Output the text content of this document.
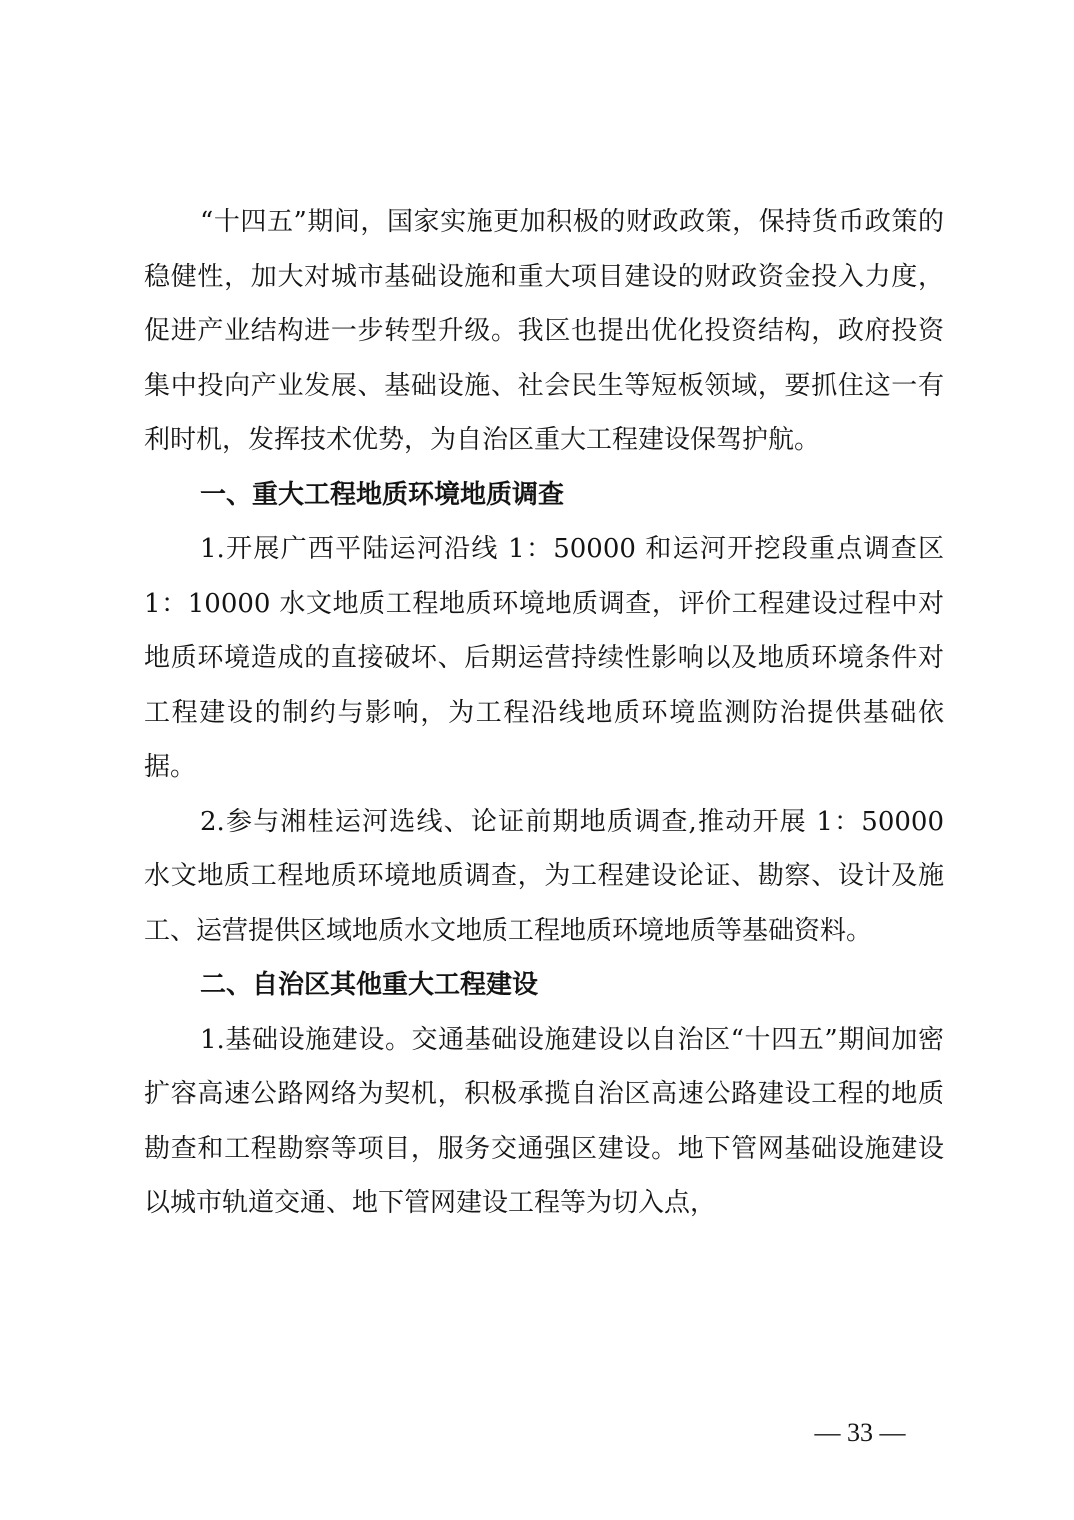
“十四五”期间，国家实施更加积极的财政政策，保持货币政策的稳健性，加大对城市基础设施和重大项目建设的财政资金投入力度，促进产业结构进一步转型升级。我区也提出优化投资结构，政府投资集中投向产业发展、基础设施、社会民生等短板领域，要抓住这一有利时机，发挥技术优势，为自治区重大工程建设保驾护航。

一、重大工程地质环境地质调查

1.开展广西平陆运河沿线 1：50000 和运河开挖段重点调查区 1：10000 水文地质工程地质环境地质调查，评价工程建设过程中对地质环境造成的直接破坏、后期运营持续性影响以及地质环境条件对工程建设的制约与影响，为工程沿线地质环境监测防治提供基础依据。

2.参与湘桂运河选线、论证前期地质调查,推动开展 1：50000 水文地质工程地质环境地质调查，为工程建设论证、勘察、设计及施工、运营提供区域地质水文地质工程地质环境地质等基础资料。

二、自治区其他重大工程建设

1.基础设施建设。交通基础设施建设以自治区“十四五”期间加密扩容高速公路网络为契机，积极承揽自治区高速公路建设工程的地质勘查和工程勘察等项目，服务交通强区建设。地下管网基础设施建设以城市轨道交通、地下管网建设工程等为切入点，

— 33 —
